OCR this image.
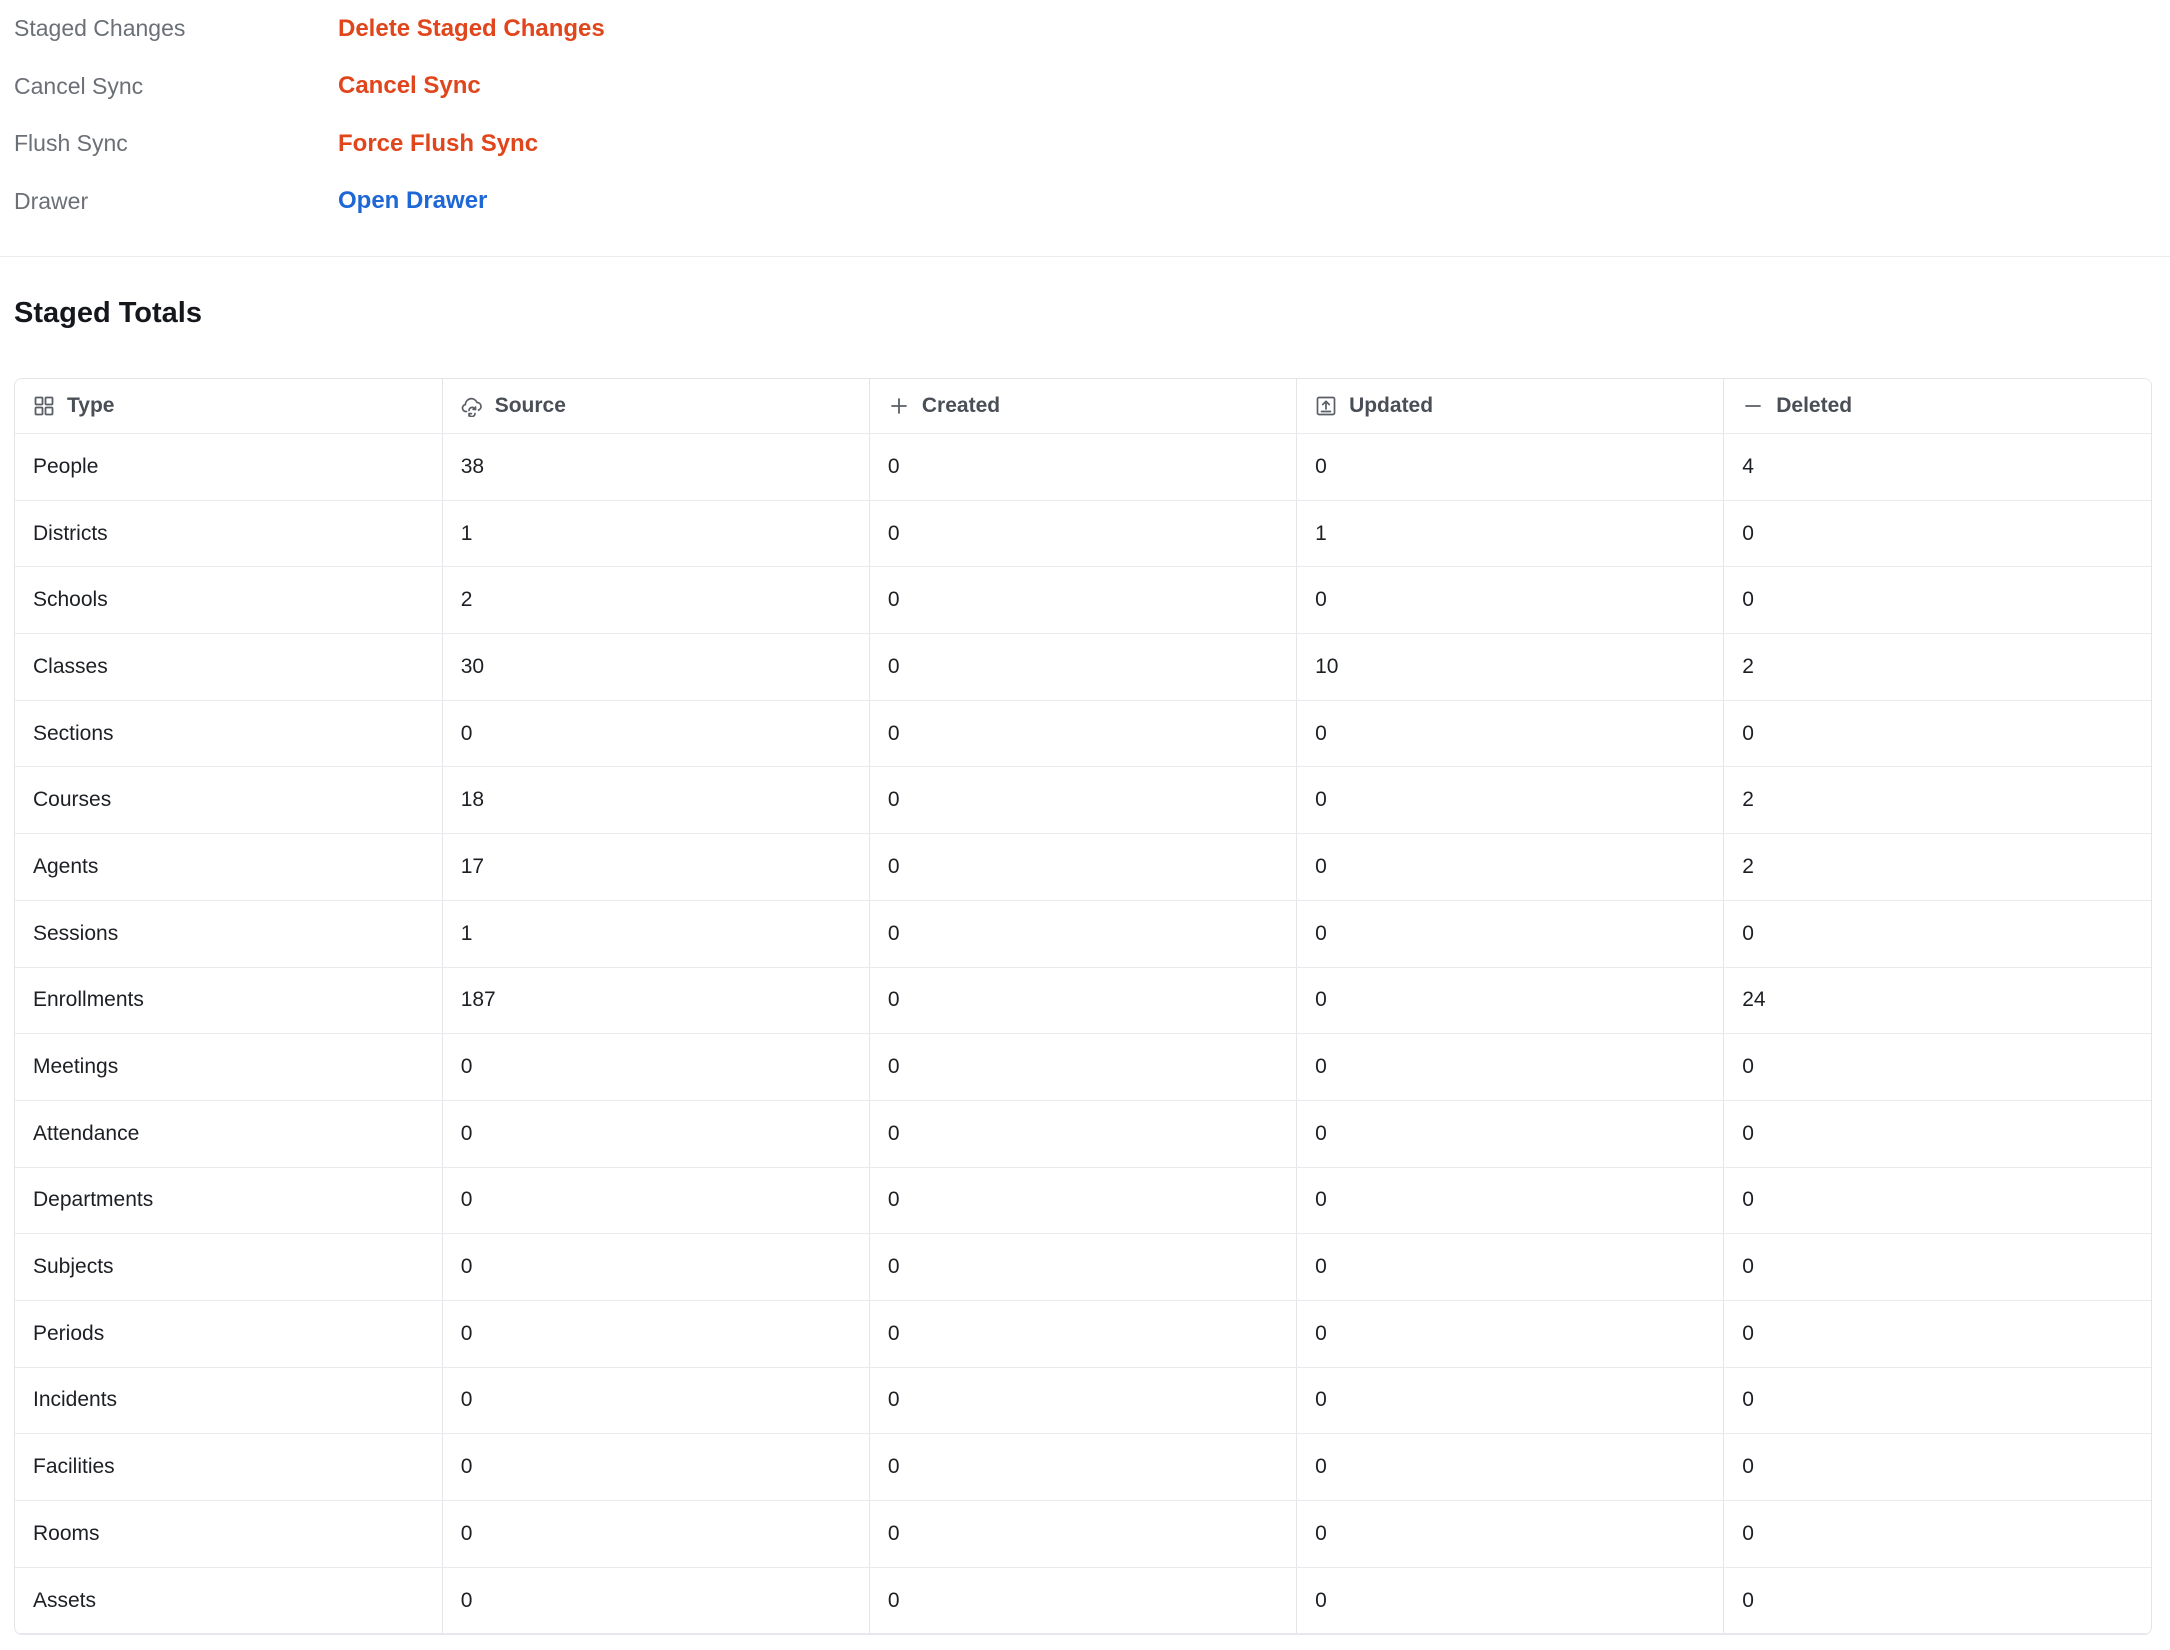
Staged Changes	Delete Staged Changes
Cancel Sync	Cancel Sync
Flush Sync	Force Flush Sync
Drawer	Open Drawer
Staged Totals
Type	Source	Created	Updated	Deleted

People	38	0	0	4
Districts	1	0	1	0
Schools	2	0	0	0
Classes	30	0	10	2
Sections	0	0	0	0
Courses	18	0	0	2
Agents	17	0	0	2
Sessions	1	0	0	0
Enrollments	187	0	0	24
Meetings	0	0	0	0
Attendance	0	0	0	0
Departments	0	0	0	0
Subjects	0	0	0	0
Periods	0	0	0	0
Incidents	0	0	0	0
Facilities	0	0	0	0
Rooms	0	0	0	0
Assets	0	0	0	0
